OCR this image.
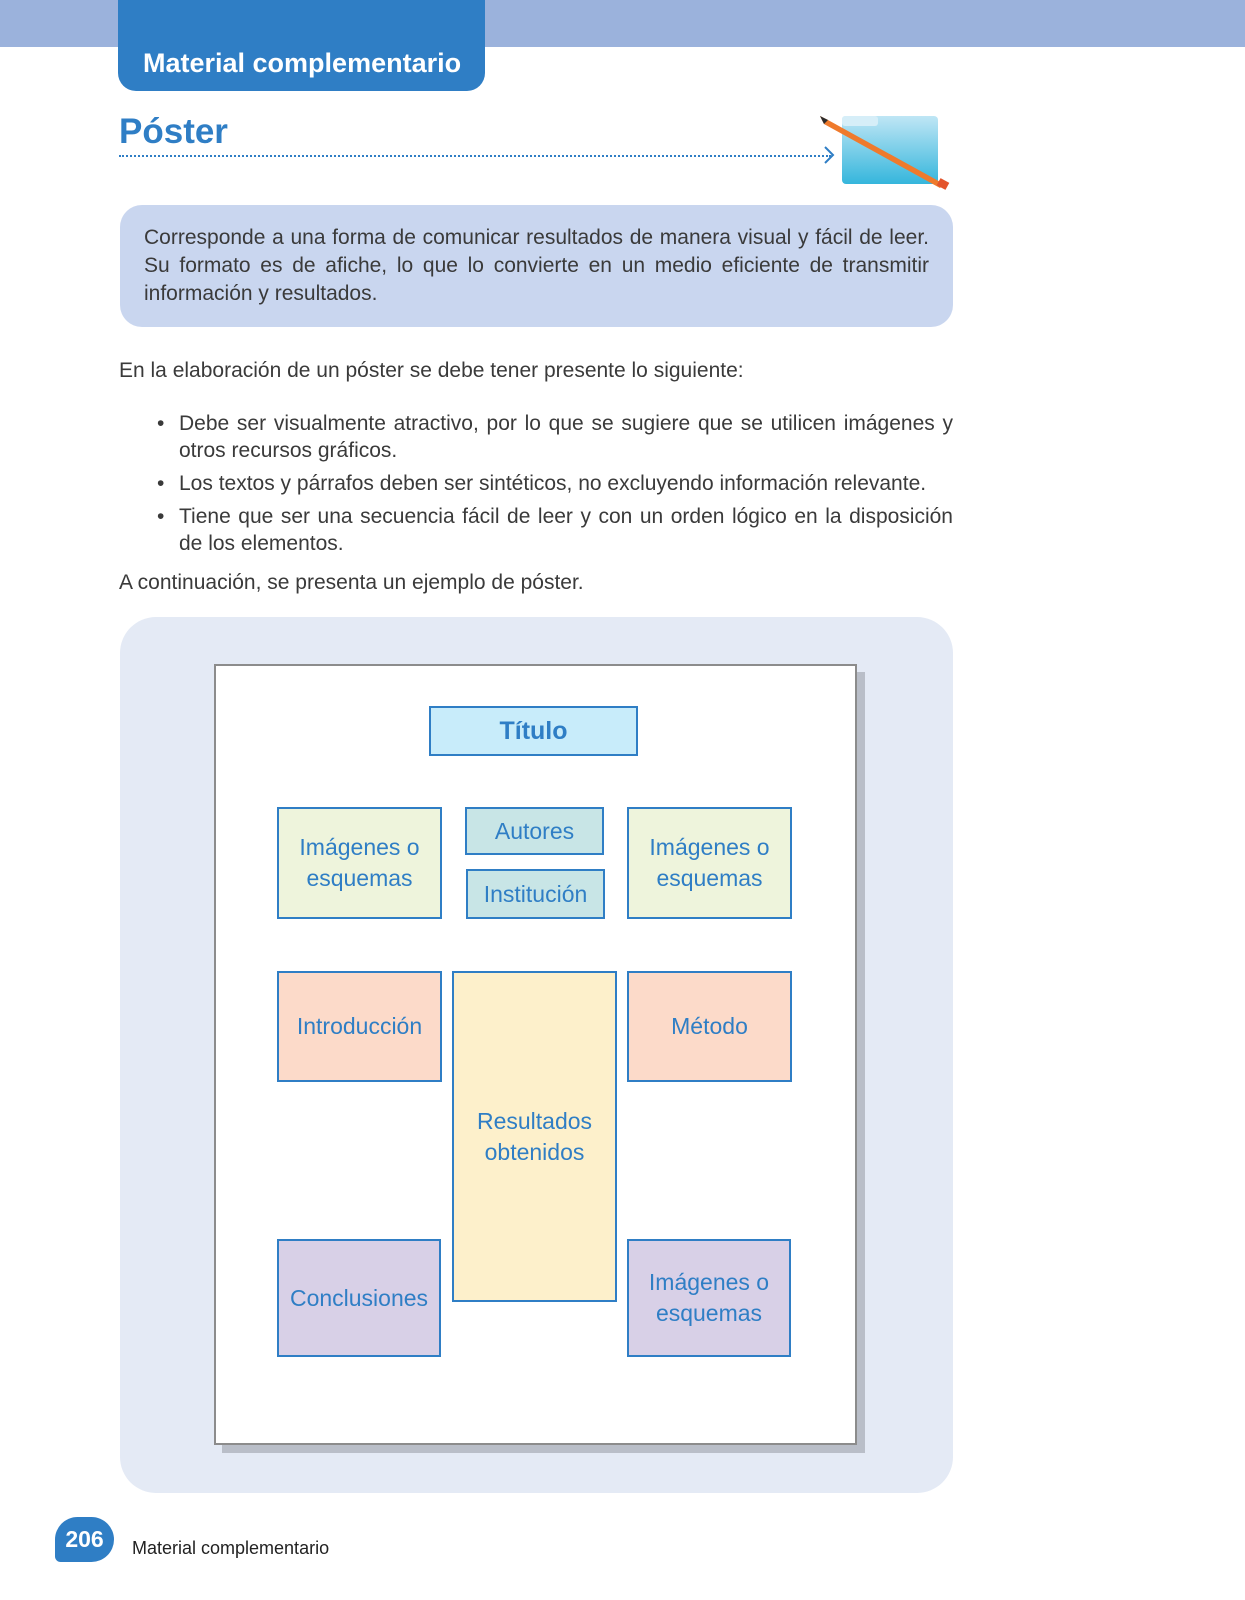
Material complementario
Póster

Corresponde a una forma de comunicar resultados de manera visual y fácil de leer. Su formato es de afiche, lo que lo convierte en un medio eficiente de transmitir información y resultados.

En la elaboración de un póster se debe tener presente lo siguiente:

• Debe ser visualmente atractivo, por lo que se sugiere que se utilicen imágenes y otros recursos gráficos.
• Los textos y párrafos deben ser sintéticos, no excluyendo información relevante.
• Tiene que ser una secuencia fácil de leer y con un orden lógico en la disposición de los elementos.

A continuación, se presenta un ejemplo de póster.

Título
Imágenes o esquemas
Autores
Institución
Imágenes o esquemas
Introducción
Resultados obtenidos
Método
Conclusiones
Imágenes o esquemas
206	Material complementario
